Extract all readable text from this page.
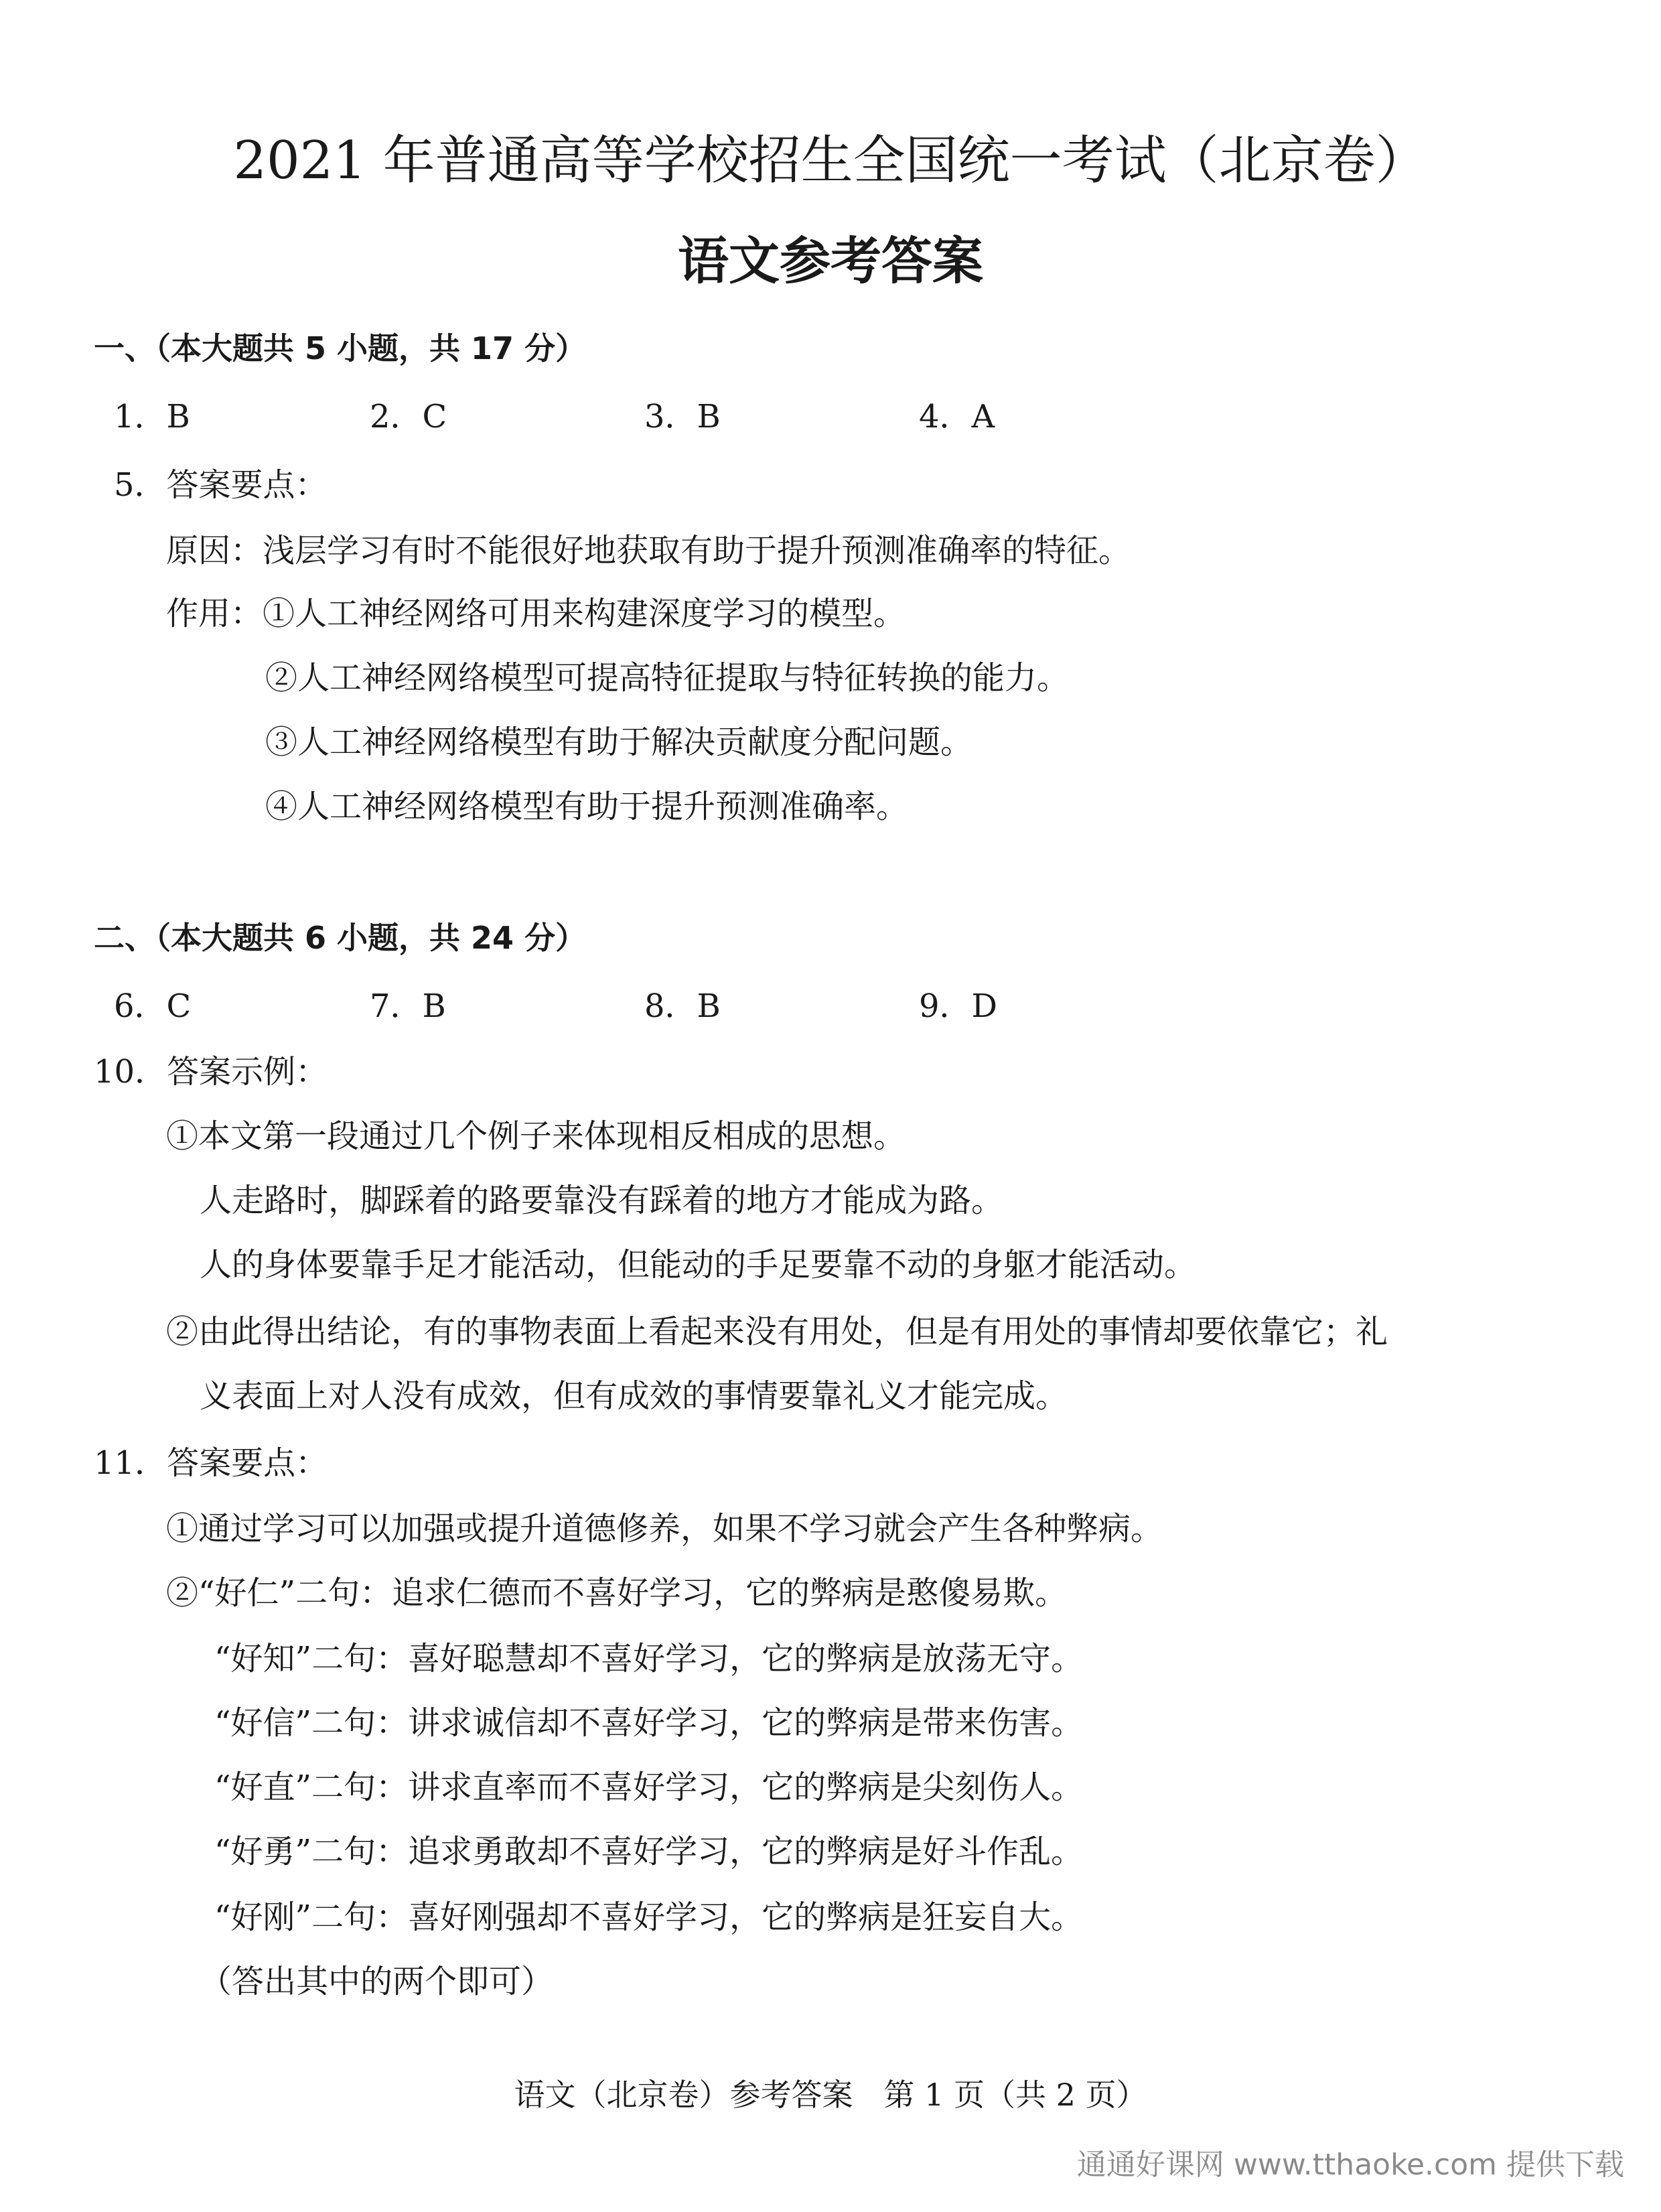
2021 年普通高等学校招生全国统一考试（北京卷）
语文参考答案
一、（本大题共 5 小题，共 17 分）
1．B	2．C	3．B	4．A
5．答案要点：
原因：浅层学习有时不能很好地获取有助于提升预测准确率的特征。
作用：①人工神经网络可用来构建深度学习的模型。
②人工神经网络模型可提高特征提取与特征转换的能力。
③人工神经网络模型有助于解决贡献度分配问题。
④人工神经网络模型有助于提升预测准确率。
二、（本大题共 6 小题，共 24 分）
6．C	7．B	8．B	9．D
10．答案示例：
①本文第一段通过几个例子来体现相反相成的思想。
人走路时，脚踩着的路要靠没有踩着的地方才能成为路。
人的身体要靠手足才能活动，但能动的手足要靠不动的身躯才能活动。
②由此得出结论，有的事物表面上看起来没有用处，但是有用处的事情却要依靠它；礼
义表面上对人没有成效，但有成效的事情要靠礼义才能完成。
11．答案要点：
①通过学习可以加强或提升道德修养，如果不学习就会产生各种弊病。
②“好仁”二句：追求仁德而不喜好学习，它的弊病是憨傻易欺。
“好知”二句：喜好聪慧却不喜好学习，它的弊病是放荡无守。
“好信”二句：讲求诚信却不喜好学习，它的弊病是带来伤害。
“好直”二句：讲求直率而不喜好学习，它的弊病是尖刻伤人。
“好勇”二句：追求勇敢却不喜好学习，它的弊病是好斗作乱。
“好刚”二句：喜好刚强却不喜好学习，它的弊病是狂妄自大。
（答出其中的两个即可）
语文（北京卷）参考答案　第 1 页（共 2 页）
通通好课网 www.tthaoke.com 提供下载
